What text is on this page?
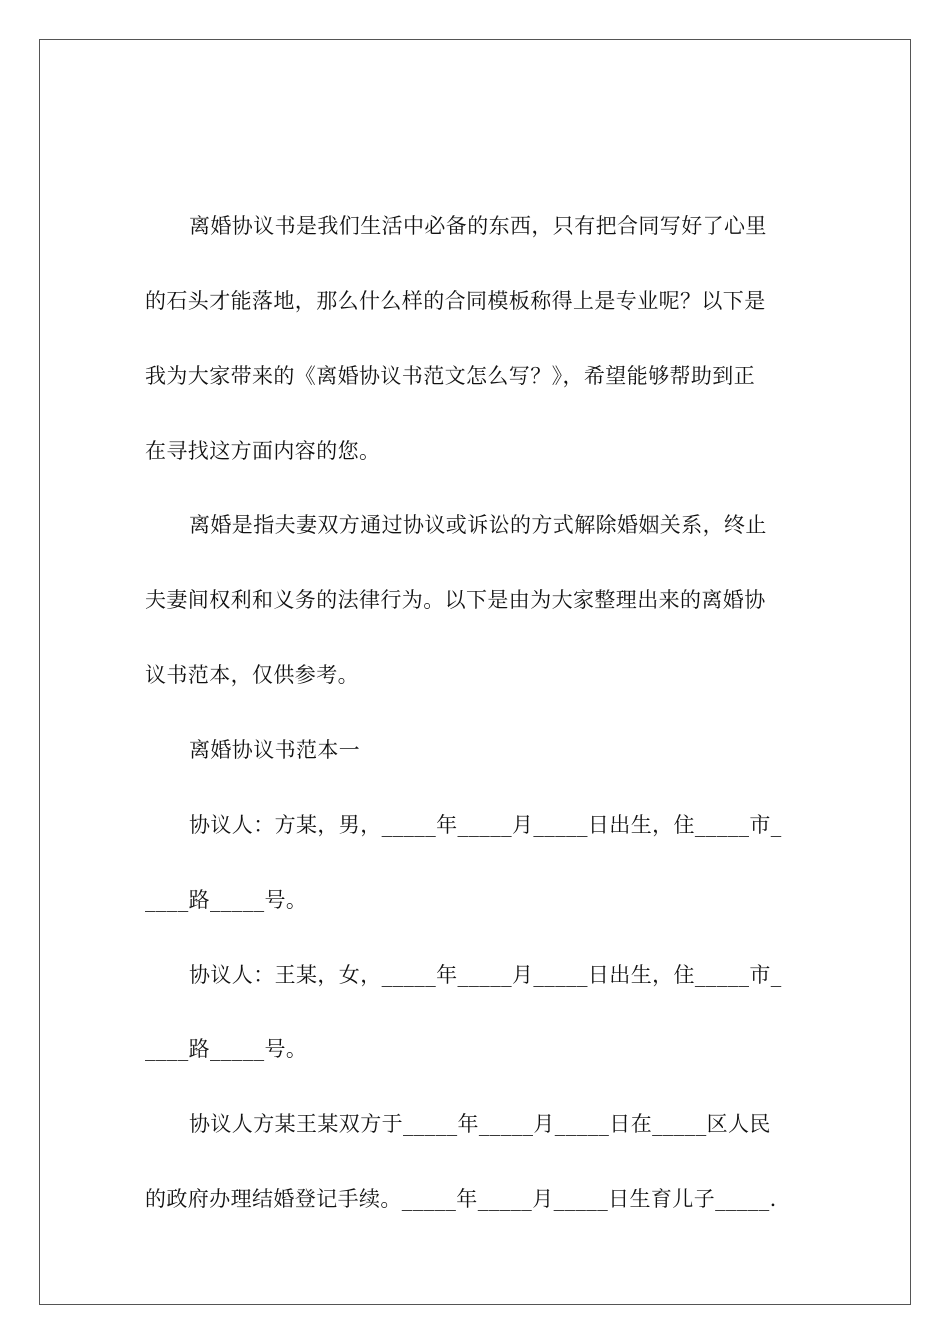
离婚协议书是我们生活中必备的东西，只有把合同写好了心里
的石头才能落地，那么什么样的合同模板称得上是专业呢？以下是
我为大家带来的《离婚协议书范文怎么写？》，希望能够帮助到正
在寻找这方面内容的您。
离婚是指夫妻双方通过协议或诉讼的方式解除婚姻关系，终止
夫妻间权利和义务的法律行为。以下是由为大家整理出来的离婚协
议书范本，仅供参考。
离婚协议书范本一
协议人：方某，男，_____年_____月_____日出生，住_____市_
____路_____号。
协议人：王某，女，_____年_____月_____日出生，住_____市_
____路_____号。
协议人方某王某双方于_____年_____月_____日在_____区人民
的政府办理结婚登记手续。_____年_____月_____日生育儿子_____.
